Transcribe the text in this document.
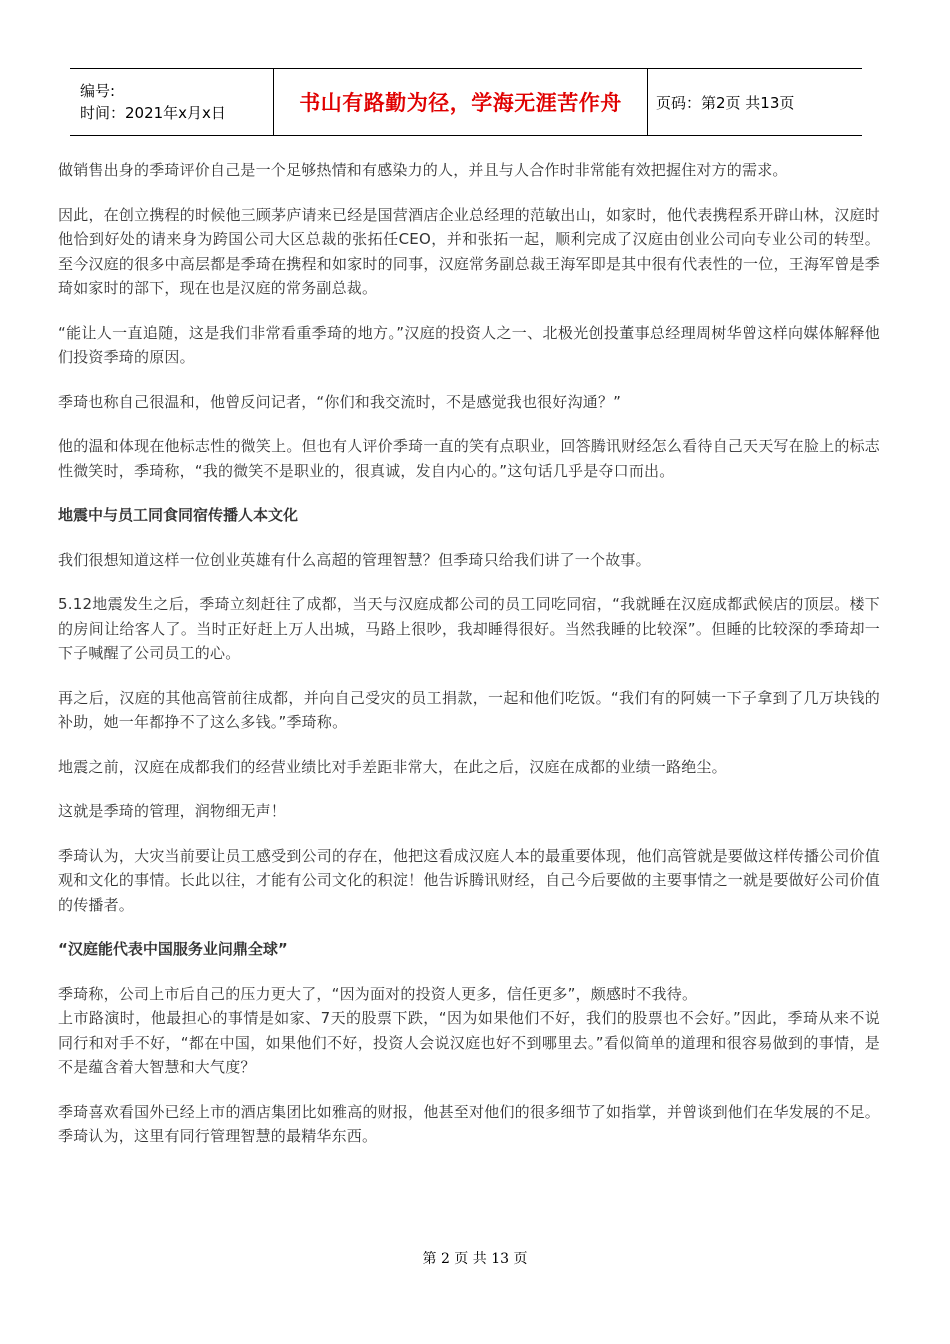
编号:
时间：2021年x月x日	书山有路勤为径，学海无涯苦作舟 页码：第2页 共13页

做销售出身的季琦评价自己是一个足够热情和有感染力的人，并且与人合作时非常能有效把握住对方的需求。

因此，在创立携程的时候他三顾茅庐请来已经是国营酒店企业总经理的范敏出山，如家时，他代表携程系开辟山林，汉庭时他恰到好处的请来身为跨国公司大区总裁的张拓任CEO，并和张拓一起，顺利完成了汉庭由创业公司向专业公司的转型。至今汉庭的很多中高层都是季琦在携程和如家时的同事，汉庭常务副总裁王海军即是其中很有代表性的一位，王海军曾是季琦如家时的部下，现在也是汉庭的常务副总裁。

“能让人一直追随，这是我们非常看重季琦的地方。”汉庭的投资人之一、北极光创投董事总经理周树华曾这样向媒体解释他们投资季琦的原因。

季琦也称自己很温和，他曾反问记者，“你们和我交流时，不是感觉我也很好沟通？”

他的温和体现在他标志性的微笑上。但也有人评价季琦一直的笑有点职业，回答腾讯财经怎么看待自己天天写在脸上的标志性微笑时，季琦称，“我的微笑不是职业的，很真诚，发自内心的。”这句话几乎是夺口而出。

地震中与员工同食同宿传播人本文化

我们很想知道这样一位创业英雄有什么高超的管理智慧？但季琦只给我们讲了一个故事。

5.12地震发生之后，季琦立刻赶往了成都，当天与汉庭成都公司的员工同吃同宿，“我就睡在汉庭成都武候店的顶层。楼下的房间让给客人了。当时正好赶上万人出城，马路上很吵，我却睡得很好。当然我睡的比较深”。但睡的比较深的季琦却一下子喊醒了公司员工的心。

再之后，汉庭的其他高管前往成都，并向自己受灾的员工捐款，一起和他们吃饭。“我们有的阿姨一下子拿到了几万块钱的补助，她一年都挣不了这么多钱。”季琦称。

地震之前，汉庭在成都我们的经营业绩比对手差距非常大，在此之后，汉庭在成都的业绩一路绝尘。

这就是季琦的管理，润物细无声！

季琦认为，大灾当前要让员工感受到公司的存在，他把这看成汉庭人本的最重要体现，他们高管就是要做这样传播公司价值观和文化的事情。长此以往，才能有公司文化的积淀！他告诉腾讯财经，自己今后要做的主要事情之一就是要做好公司价值的传播者。

“汉庭能代表中国服务业问鼎全球”

季琦称，公司上市后自己的压力更大了，“因为面对的投资人更多，信任更多”，颇感时不我待。

上市路演时，他最担心的事情是如家、7天的股票下跌，“因为如果他们不好，我们的股票也不会好。”因此，季琦从来不说同行和对手不好，“都在中国，如果他们不好，投资人会说汉庭也好不到哪里去。”看似简单的道理和很容易做到的事情，是不是蕴含着大智慧和大气度？

季琦喜欢看国外已经上市的酒店集团比如雅高的财报，他甚至对他们的很多细节了如指掌，并曾谈到他们在华发展的不足。季琦认为，这里有同行管理智慧的最精华东西。

第 2 页 共 13 页
